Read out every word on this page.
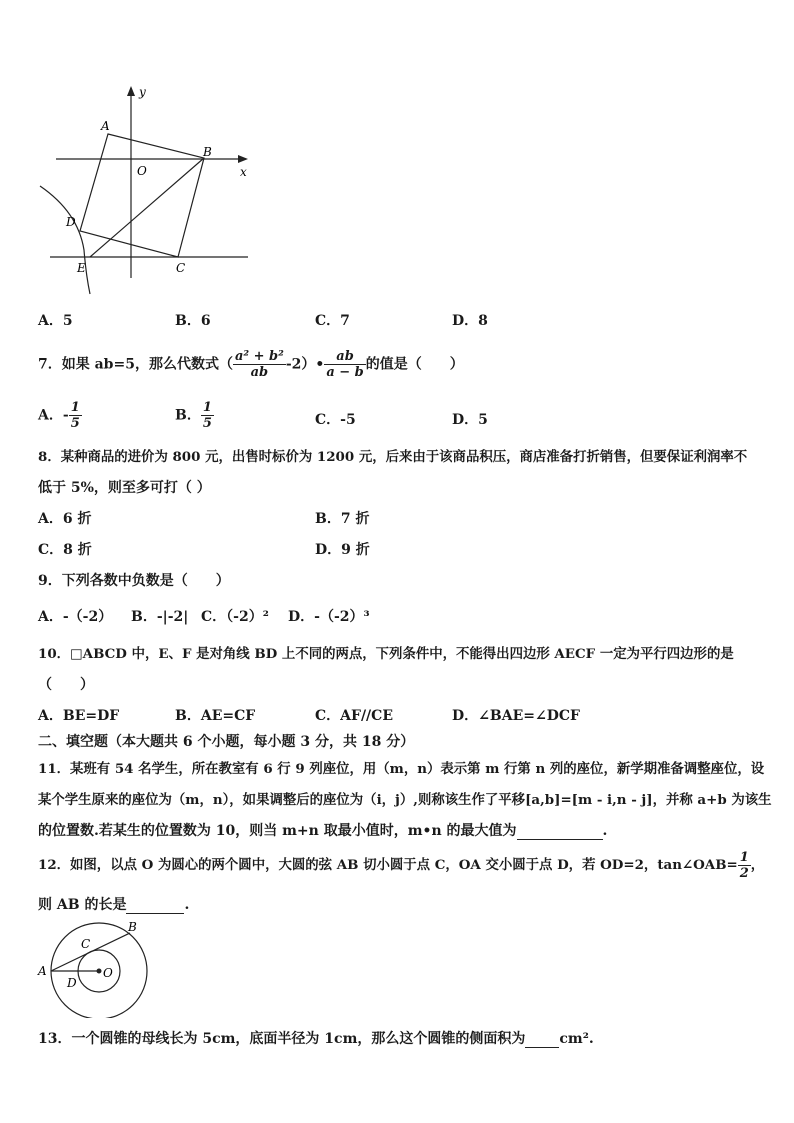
y
x
O
A
B
C
D
E
A．5	B．6	C．7	D．8
7．如果 ab=5，那么代数式（ $\frac{\text{a² + b²}}{ab}$ -2）• $\frac{ab}{a - b}$ 的值是（　　）
A．- $\frac{1}{5}$	B． $\frac{1}{5}$	C．-5	D．5
8．某种商品的进价为 800 元，出售时标价为 1200 元，后来由于该商品积压，商店准备打折销售，但要保证利润率不
低于 5%，则至多可打（ ）
A．6 折	B．7 折
C．8 折	D．9 折
9．下列各数中负数是（　　）
A．-（-2） B．-|-2| C．（-2）² D．-（-2）³
10．□ABCD 中，E、F 是对角线 BD 上不同的两点，下列条件中，不能得出四边形 AECF 一定为平行四边形的是
（　　）
A．BE=DF	B．AE=CF	C．AF//CE	D．∠BAE=∠DCF
二、填空题（本大题共 6 个小题，每小题 3 分，共 18 分）
11．某班有 54 名学生，所在教室有 6 行 9 列座位，用（m，n）表示第 m 行第 n 列的座位，新学期准备调整座位，设
某个学生原来的座位为（m，n），如果调整后的座位为（i，j）,则称该生作了平移[a,b]=[m - i,n - j]，并称 a+b 为该生
的位置数.若某生的位置数为 10，则当 m+n 取最小值时，m•n 的最大值为	.
12．如图，以点 O 为圆心的两个圆中，大圆的弦 AB 切小圆于点 C，OA 交小圆于点 D，若 OD=2，tan∠OAB= $\frac{1}{2}$ ，
则 AB 的长是	.
A
B
C
D
O
13．一个圆锥的母线长为 5cm，底面半径为 1cm，那么这个圆锥的侧面积为 cm².
